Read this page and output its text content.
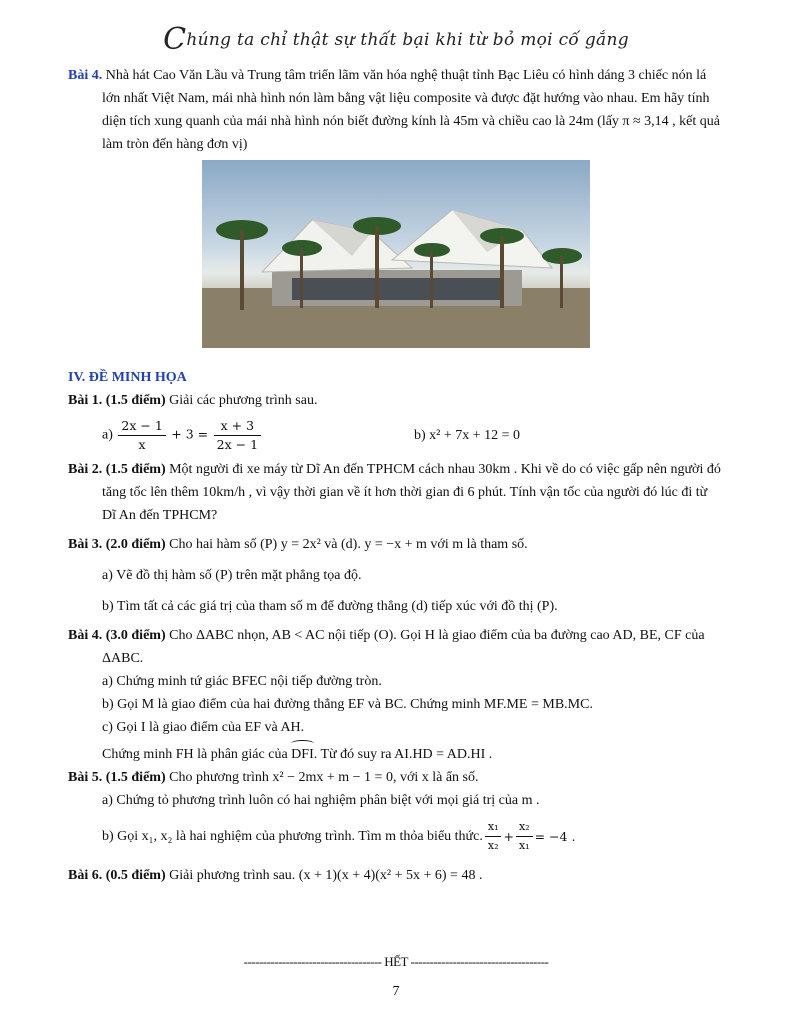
Chúng ta chỉ thật sự thất bại khi từ bỏ mọi cố gắng

Bài 4. Nhà hát Cao Văn Lầu và Trung tâm triển lãm văn hóa nghệ thuật tỉnh Bạc Liêu có hình dáng 3 chiếc nón lá lớn nhất Việt Nam, mái nhà hình nón làm bằng vật liệu composite và được đặt hướng vào nhau. Em hãy tính diện tích xung quanh của mái nhà hình nón biết đường kính là 45m và chiều cao là 24m (lấy π ≈ 3,14 , kết quả làm tròn đến hàng đơn vị)

IV. ĐỀ MINH HỌA

Bài 1. (1.5 điểm) Giải các phương trình sau.

$a) \frac{2x - 1}{x} + 3 = \frac{x + 3}{2x - 1}$	b) x² + 7x + 12 = 0

Bài 2. (1.5 điểm) Một người đi xe máy từ Dĩ An đến TPHCM cách nhau 30km . Khi về do có việc gấp nên người đó tăng tốc lên thêm 10km/h , vì vậy thời gian về ít hơn thời gian đi 6 phút. Tính vận tốc của người đó lúc đi từ Dĩ An đến TPHCM?

Bài 3. (2.0 điểm) Cho hai hàm số (P) y = 2x² và (d). y = −x + m với m là tham số.

a) Vẽ đồ thị hàm số (P) trên mặt phẳng tọa độ.

b) Tìm tất cả các giá trị của tham số m để đường thẳng (d) tiếp xúc với đồ thị (P).

Bài 4. (3.0 điểm) Cho ΔABC nhọn, AB < AC nội tiếp (O). Gọi H là giao điểm của ba đường cao AD, BE, CF của ΔABC.

a) Chứng minh tứ giác BFEC nội tiếp đường tròn.

b) Gọi M là giao điểm của hai đường thẳng EF và BC. Chứng minh MF.ME = MB.MC.

c) Gọi I là giao điểm của EF và AH.

Chứng minh FH là phân giác của DFI. Từ đó suy ra AI.HD = AD.HI .

Bài 5. (1.5 điểm) Cho phương trình x² − 2mx + m − 1 = 0, với x là ẩn số.

a) Chứng tỏ phương trình luôn có hai nghiệm phân biệt với mọi giá trị của m .

b) Gọi x₁, x₂ là hai nghiệm của phương trình. Tìm m thỏa biểu thức. $\frac{\text{x₁}}{\text{x₂}} + \frac{\text{x₂}}{\text{x₁}} = -4$ .

Bài 6. (0.5 điểm) Giải phương trình sau. (x + 1)(x + 4)(x² + 5x + 6) = 48 .

------------------------------------ HẾT ------------------------------------
7
